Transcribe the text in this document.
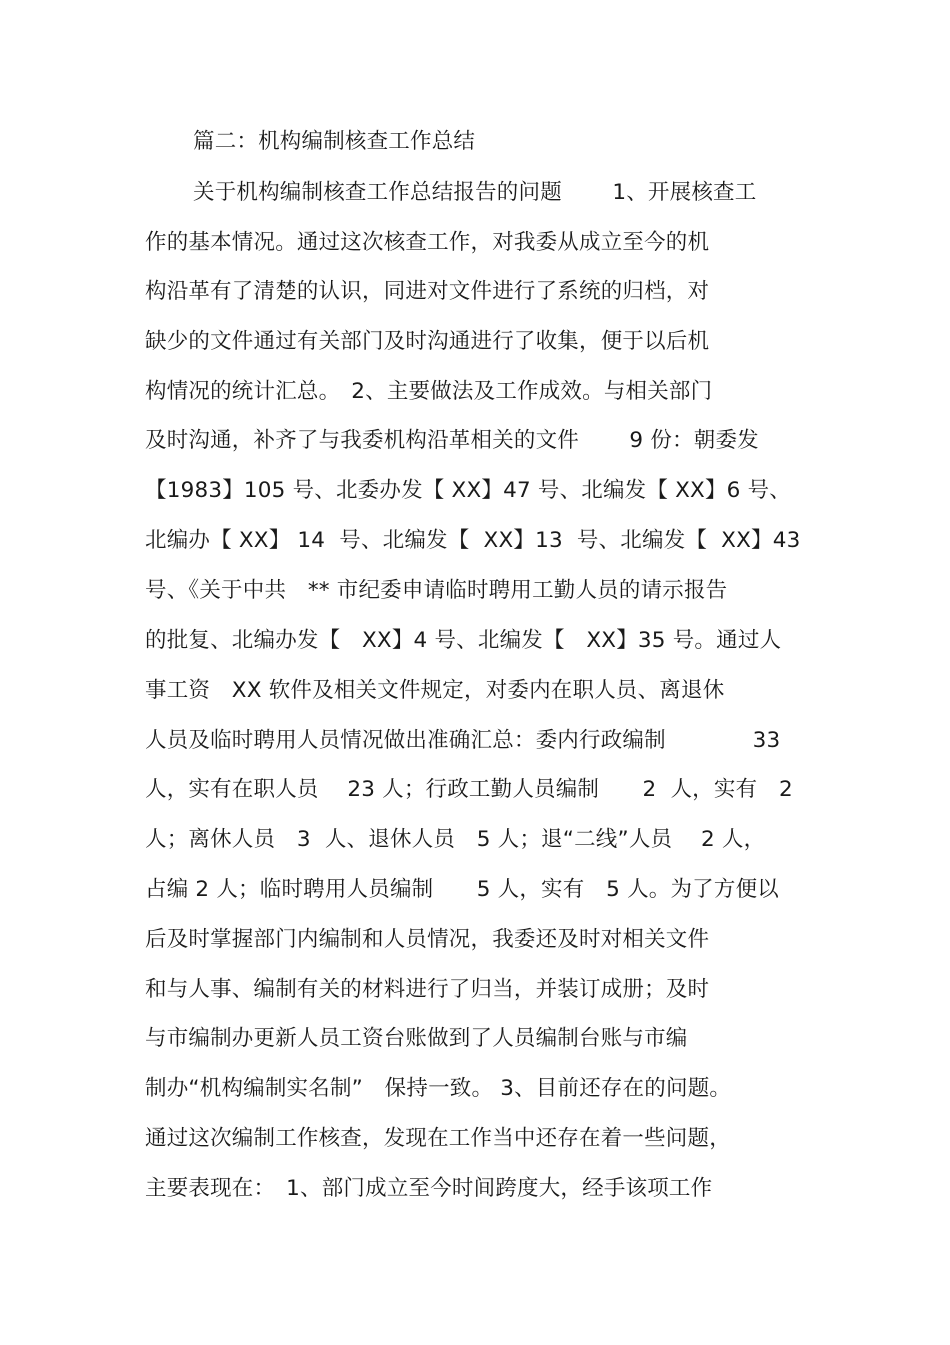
篇二：机构编制核查工作总结
关于机构编制核查工作总结报告的问题　　 1、开展核查工
作的基本情况。通过这次核查工作，对我委从成立至今的机
构沿革有了清楚的认识，同进对文件进行了系统的归档，对
缺少的文件通过有关部门及时沟通进行了收集，便于以后机
构情况的统计汇总。　2、主要做法及工作成效。与相关部门
及时沟通，补齐了与我委机构沿革相关的文件　　 9 份：朝委发
【1983】105 号、北委办发【 XX】47 号、北编发【 XX】6 号、
北编办【 XX】 14  号、北编发【  XX】13  号、北编发【  XX】43
号、《关于中共　** 市纪委申请临时聘用工勤人员的请示报告
的批复、北编办发【　XX】4 号、北编发【　XX】35 号。通过人
事工资　XX 软件及相关文件规定，对委内在职人员、离退休
人员及临时聘用人员情况做出准确汇总：委内行政编制　　　　33
人，实有在职人员　 23 人；行政工勤人员编制　　2  人，实有　2
人；离休人员　3  人、退休人员　5 人；退“二线”人员　 2 人，
占编 2 人；临时聘用人员编制　　5 人，实有　5 人。为了方便以
后及时掌握部门内编制和人员情况，我委还及时对相关文件
和与人事、编制有关的材料进行了归当，并装订成册；及时
与市编制办更新人员工资台账做到了人员编制台账与市编
制办“机构编制实名制”　保持一致。 3、目前还存在的问题。
通过这次编制工作核查，发现在工作当中还存在着一些问题，
主要表现在：　1、部门成立至今时间跨度大，经手该项工作
